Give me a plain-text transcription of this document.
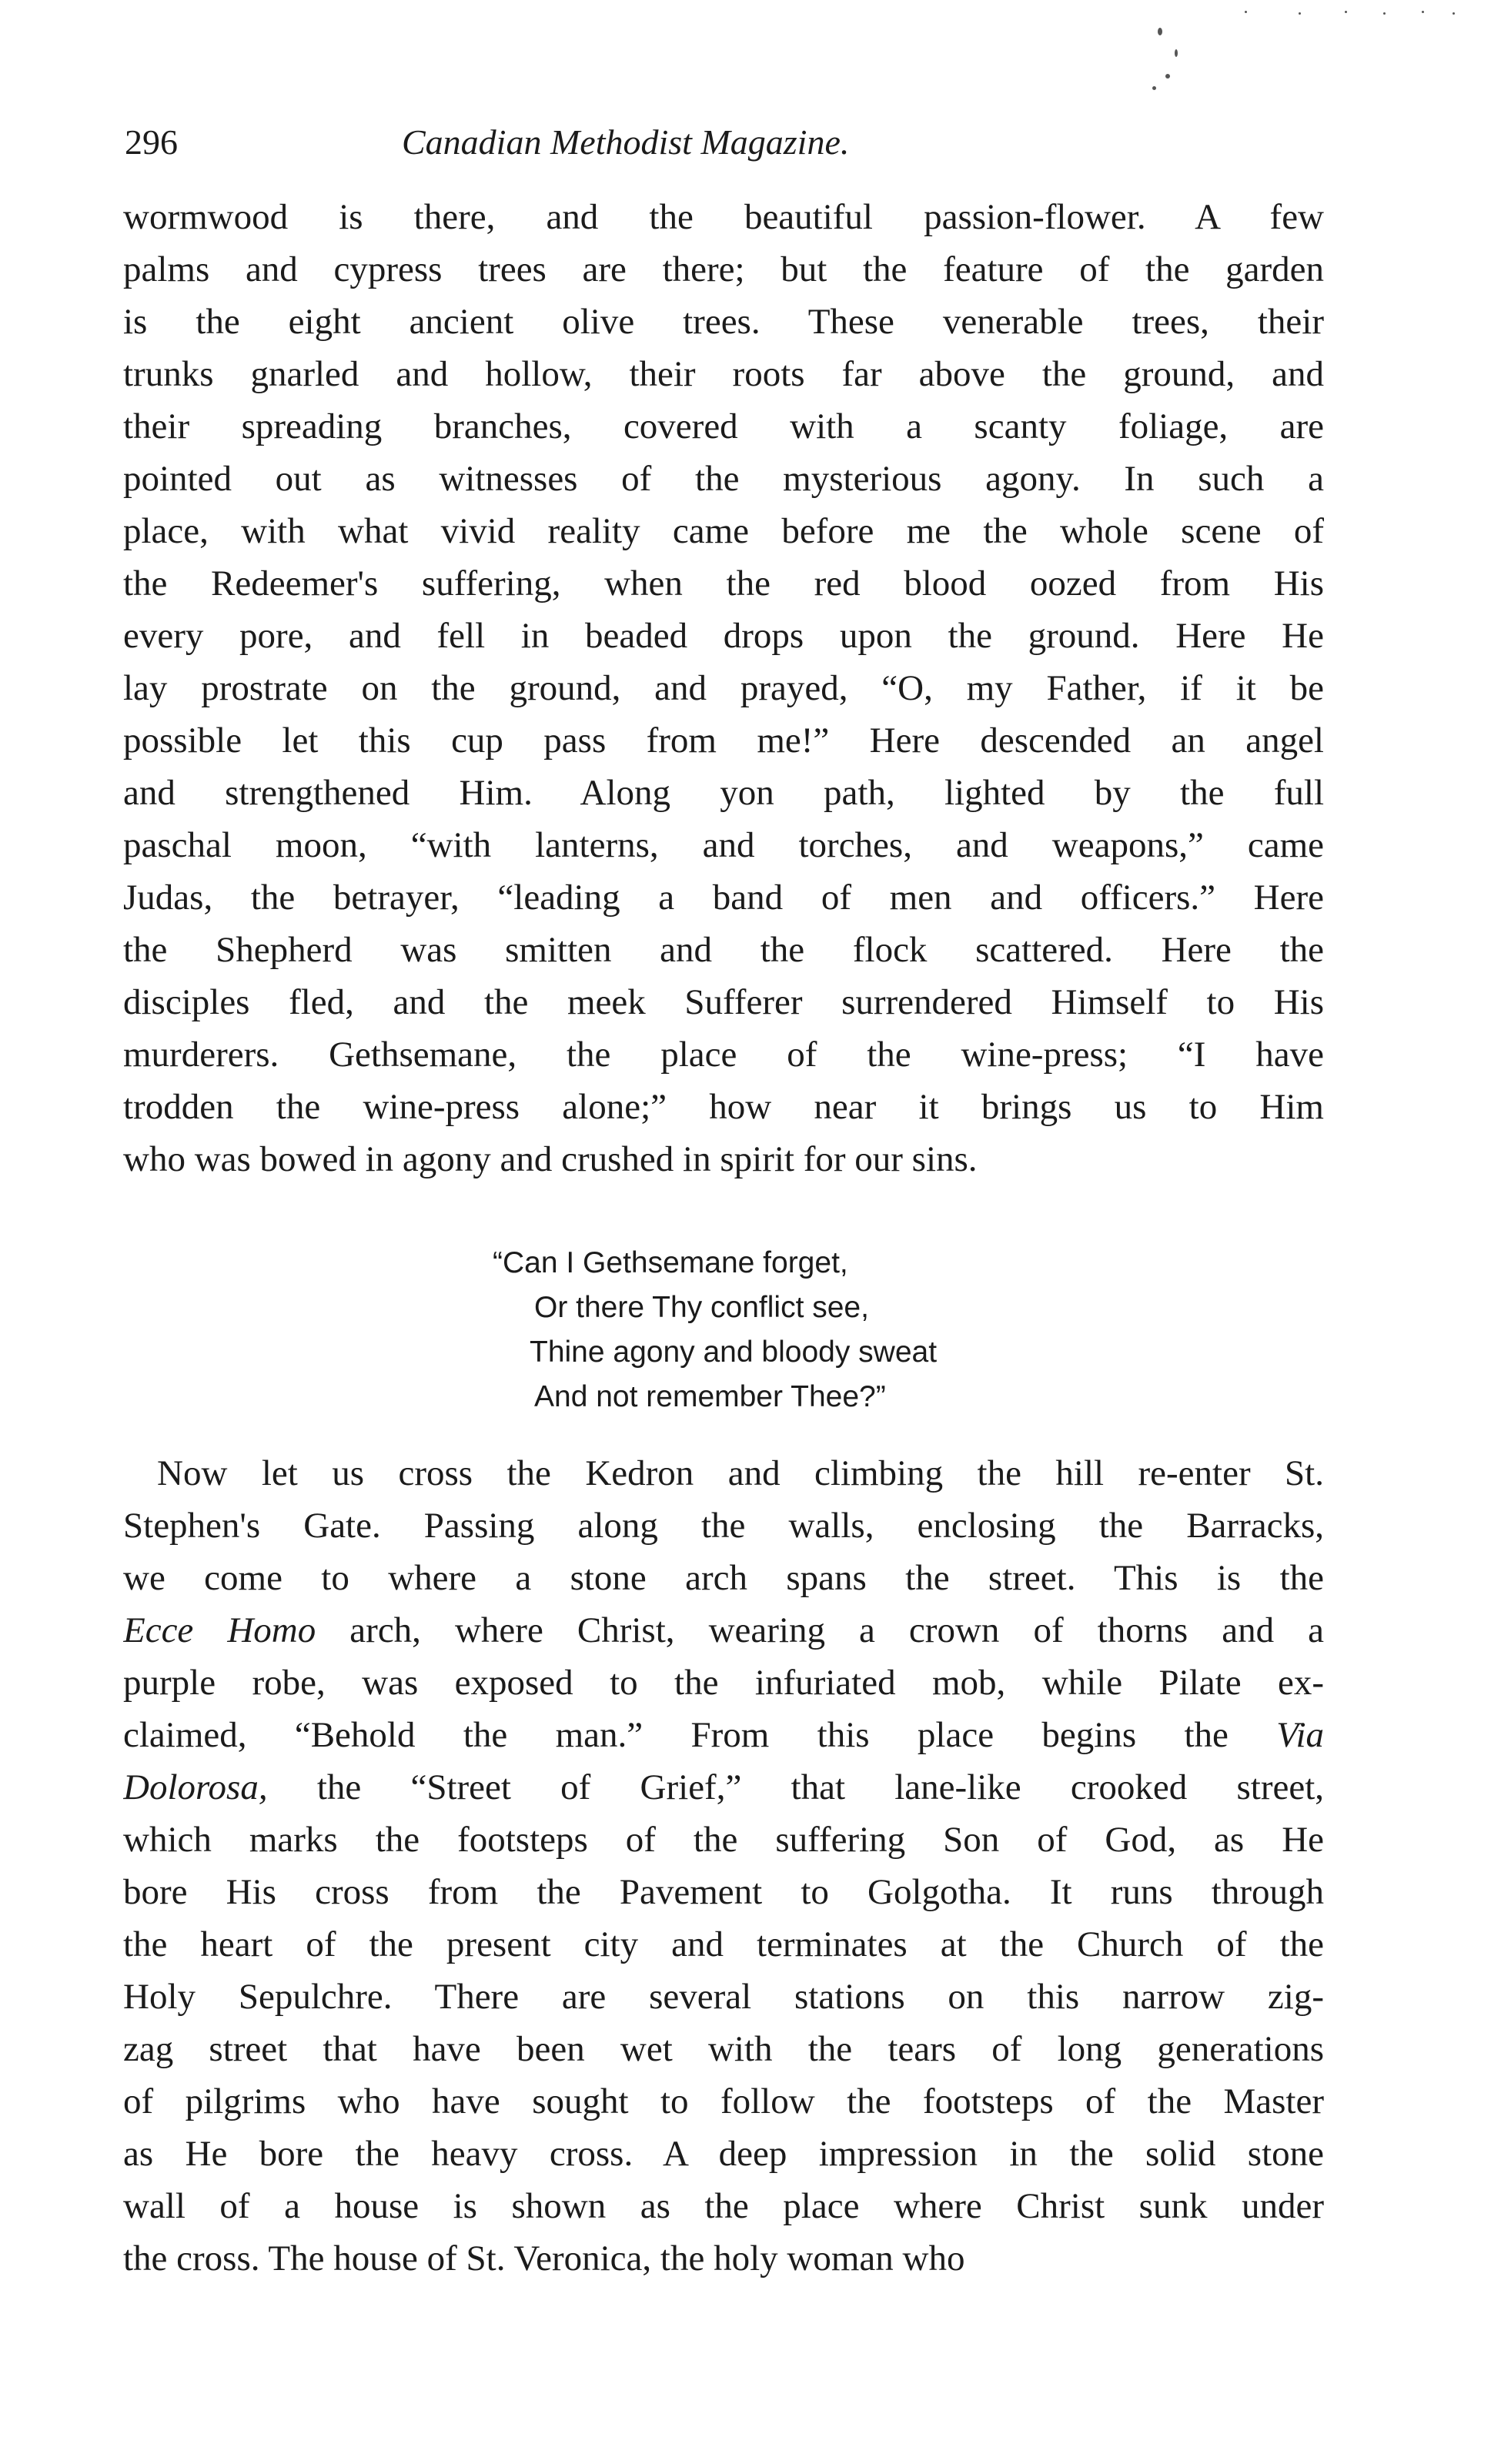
296	Canadian Methodist Magazine.
wormwood is there, and the beautiful passion-flower. A few
palms and cypress trees are there; but the feature of the garden
is the eight ancient olive trees. These venerable trees, their
trunks gnarled and hollow, their roots far above the ground, and
their spreading branches, covered with a scanty foliage, are
pointed out as witnesses of the mysterious agony. In such a
place, with what vivid reality came before me the whole scene of
the Redeemer's suffering, when the red blood oozed from His
every pore, and fell in beaded drops upon the ground. Here He
lay prostrate on the ground, and prayed, “O, my Father, if it be
possible let this cup pass from me!” Here descended an angel
and strengthened Him. Along yon path, lighted by the full
paschal moon, “with lanterns, and torches, and weapons,” came
Judas, the betrayer, “leading a band of men and officers.” Here
the Shepherd was smitten and the flock scattered. Here the
disciples fled, and the meek Sufferer surrendered Himself to His
murderers. Gethsemane, the place of the wine-press; “I have
trodden the wine-press alone;” how near it brings us to Him
who was bowed in agony and crushed in spirit for our sins.
“Can I Gethsemane forget,
Or there Thy conflict see,
Thine agony and bloody sweat
And not remember Thee?”
Now let us cross the Kedron and climbing the hill re-enter St.
Stephen's Gate. Passing along the walls, enclosing the Barracks,
we come to where a stone arch spans the street. This is the
Ecce Homo arch, where Christ, wearing a crown of thorns and a
purple robe, was exposed to the infuriated mob, while Pilate ex-
claimed, “Behold the man.” From this place begins the Via
Dolorosa, the “Street of Grief,” that lane-like crooked street,
which marks the footsteps of the suffering Son of God, as He
bore His cross from the Pavement to Golgotha. It runs through
the heart of the present city and terminates at the Church of the
Holy Sepulchre. There are several stations on this narrow zig-
zag street that have been wet with the tears of long generations
of pilgrims who have sought to follow the footsteps of the Master
as He bore the heavy cross. A deep impression in the solid stone
wall of a house is shown as the place where Christ sunk under
the cross. The house of St. Veronica, the holy woman who
